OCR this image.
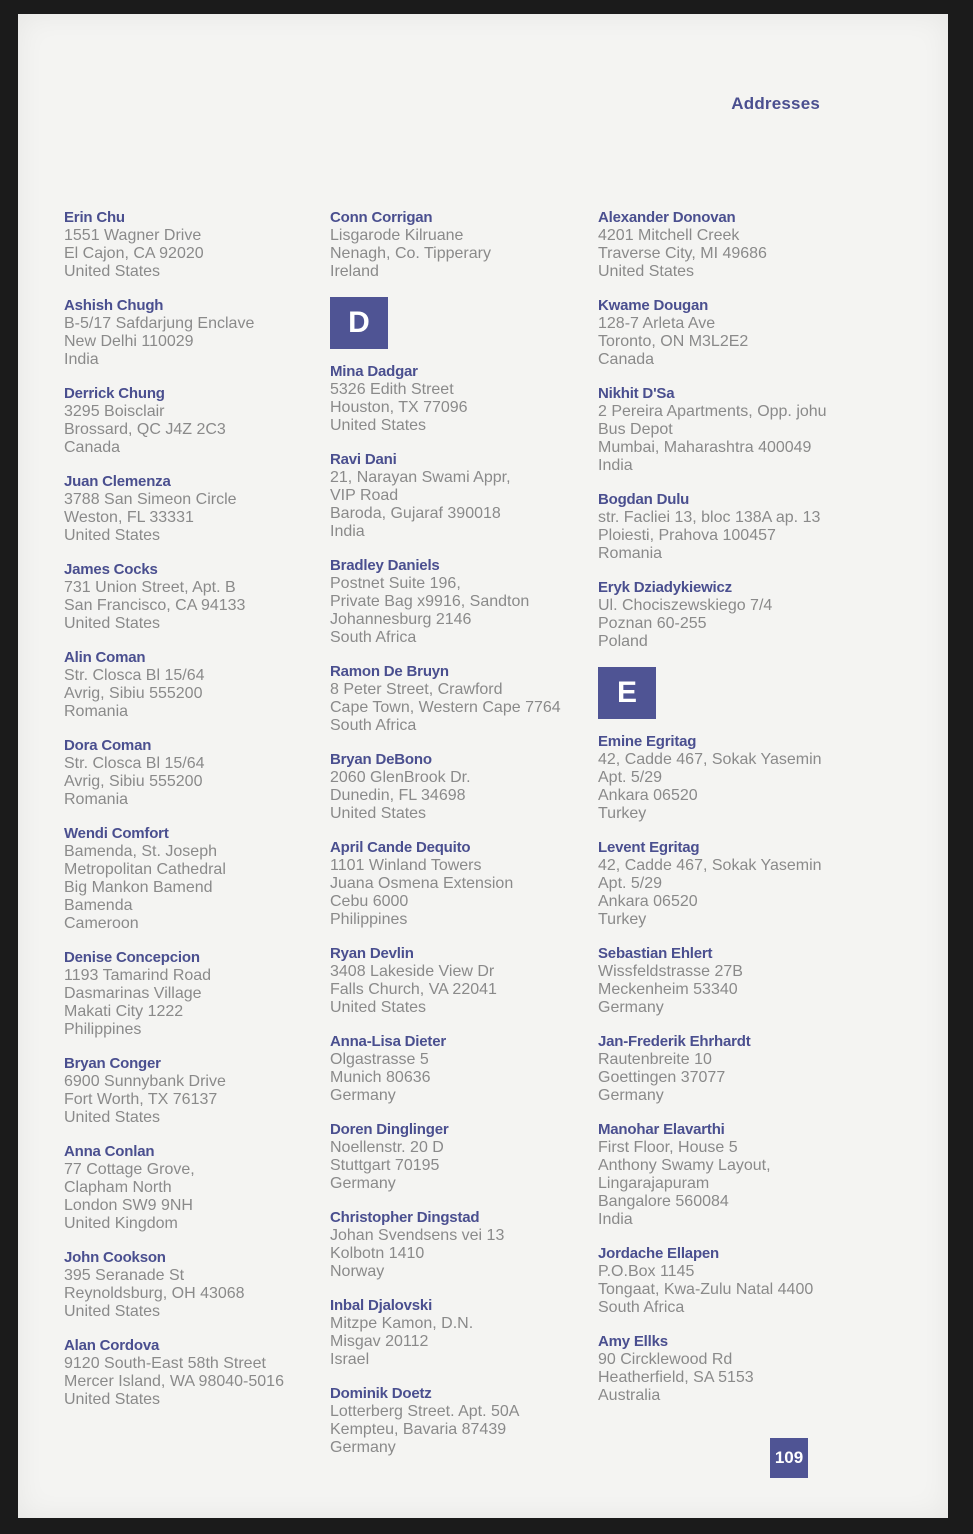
Addresses
Erin Chu
1551 Wagner Drive
El Cajon, CA 92020
United States
Ashish Chugh
B-5/17 Safdarjung Enclave
New Delhi 110029
India
Derrick Chung
3295 Boisclair
Brossard, QC J4Z 2C3
Canada
Juan Clemenza
3788 San Simeon Circle
Weston, FL 33331
United States
James Cocks
731 Union Street, Apt. B
San Francisco, CA 94133
United States
Alin Coman
Str. Closca Bl 15/64
Avrig, Sibiu 555200
Romania
Dora Coman
Str. Closca Bl 15/64
Avrig, Sibiu 555200
Romania
Wendi Comfort
Bamenda, St. Joseph
Metropolitan Cathedral
Big Mankon Bamend
Bamenda
Cameroon
Denise Concepcion
1193 Tamarind Road
Dasmarinas Village
Makati City 1222
Philippines
Bryan Conger
6900 Sunnybank Drive
Fort Worth, TX 76137
United States
Anna Conlan
77 Cottage Grove,
Clapham North
London SW9 9NH
United Kingdom
John Cookson
395 Seranade St
Reynoldsburg, OH 43068
United States
Alan Cordova
9120 South-East 58th Street
Mercer Island, WA 98040-5016
United States
Conn Corrigan
Lisgarode Kilruane
Nenagh, Co. Tipperary
Ireland
D
Mina Dadgar
5326 Edith Street
Houston, TX 77096
United States
Ravi Dani
21, Narayan Swami Appr,
VIP Road
Baroda, Gujaraf 390018
India
Bradley Daniels
Postnet Suite 196,
Private Bag x9916, Sandton
Johannesburg 2146
South Africa
Ramon De Bruyn
8 Peter Street, Crawford
Cape Town, Western Cape 7764
South Africa
Bryan DeBono
2060 GlenBrook Dr.
Dunedin, FL 34698
United States
April Cande Dequito
1101 Winland Towers
Juana Osmena Extension
Cebu 6000
Philippines
Ryan Devlin
3408 Lakeside View Dr
Falls Church, VA 22041
United States
Anna-Lisa Dieter
Olgastrasse 5
Munich 80636
Germany
Doren Dinglinger
Noellenstr. 20 D
Stuttgart 70195
Germany
Christopher Dingstad
Johan Svendsens vei 13
Kolbotn 1410
Norway
Inbal Djalovski
Mitzpe Kamon, D.N.
Misgav 20112
Israel
Dominik Doetz
Lotterberg Street. Apt. 50A
Kempteu, Bavaria 87439
Germany
Alexander Donovan
4201 Mitchell Creek
Traverse City, MI 49686
United States
Kwame Dougan
128-7 Arleta Ave
Toronto, ON M3L2E2
Canada
Nikhit D'Sa
2 Pereira Apartments, Opp. johu
Bus Depot
Mumbai, Maharashtra 400049
India
Bogdan Dulu
str. Facliei 13, bloc 138A ap. 13
Ploiesti, Prahova 100457
Romania
Eryk Dziadykiewicz
Ul. Chociszewskiego 7/4
Poznan 60-255
Poland
E
Emine Egritag
42, Cadde 467, Sokak Yasemin
Apt. 5/29
Ankara 06520
Turkey
Levent Egritag
42, Cadde 467, Sokak Yasemin
Apt. 5/29
Ankara 06520
Turkey
Sebastian Ehlert
Wissfeldstrasse 27B
Meckenheim 53340
Germany
Jan-Frederik Ehrhardt
Rautenbreite 10
Goettingen 37077
Germany
Manohar Elavarthi
First Floor, House 5
Anthony Swamy Layout,
Lingarajapuram
Bangalore 560084
India
Jordache Ellapen
P.O.Box 1145
Tongaat, Kwa-Zulu Natal 4400
South Africa
Amy Ellks
90 Circklewood Rd
Heatherfield, SA 5153
Australia
109
